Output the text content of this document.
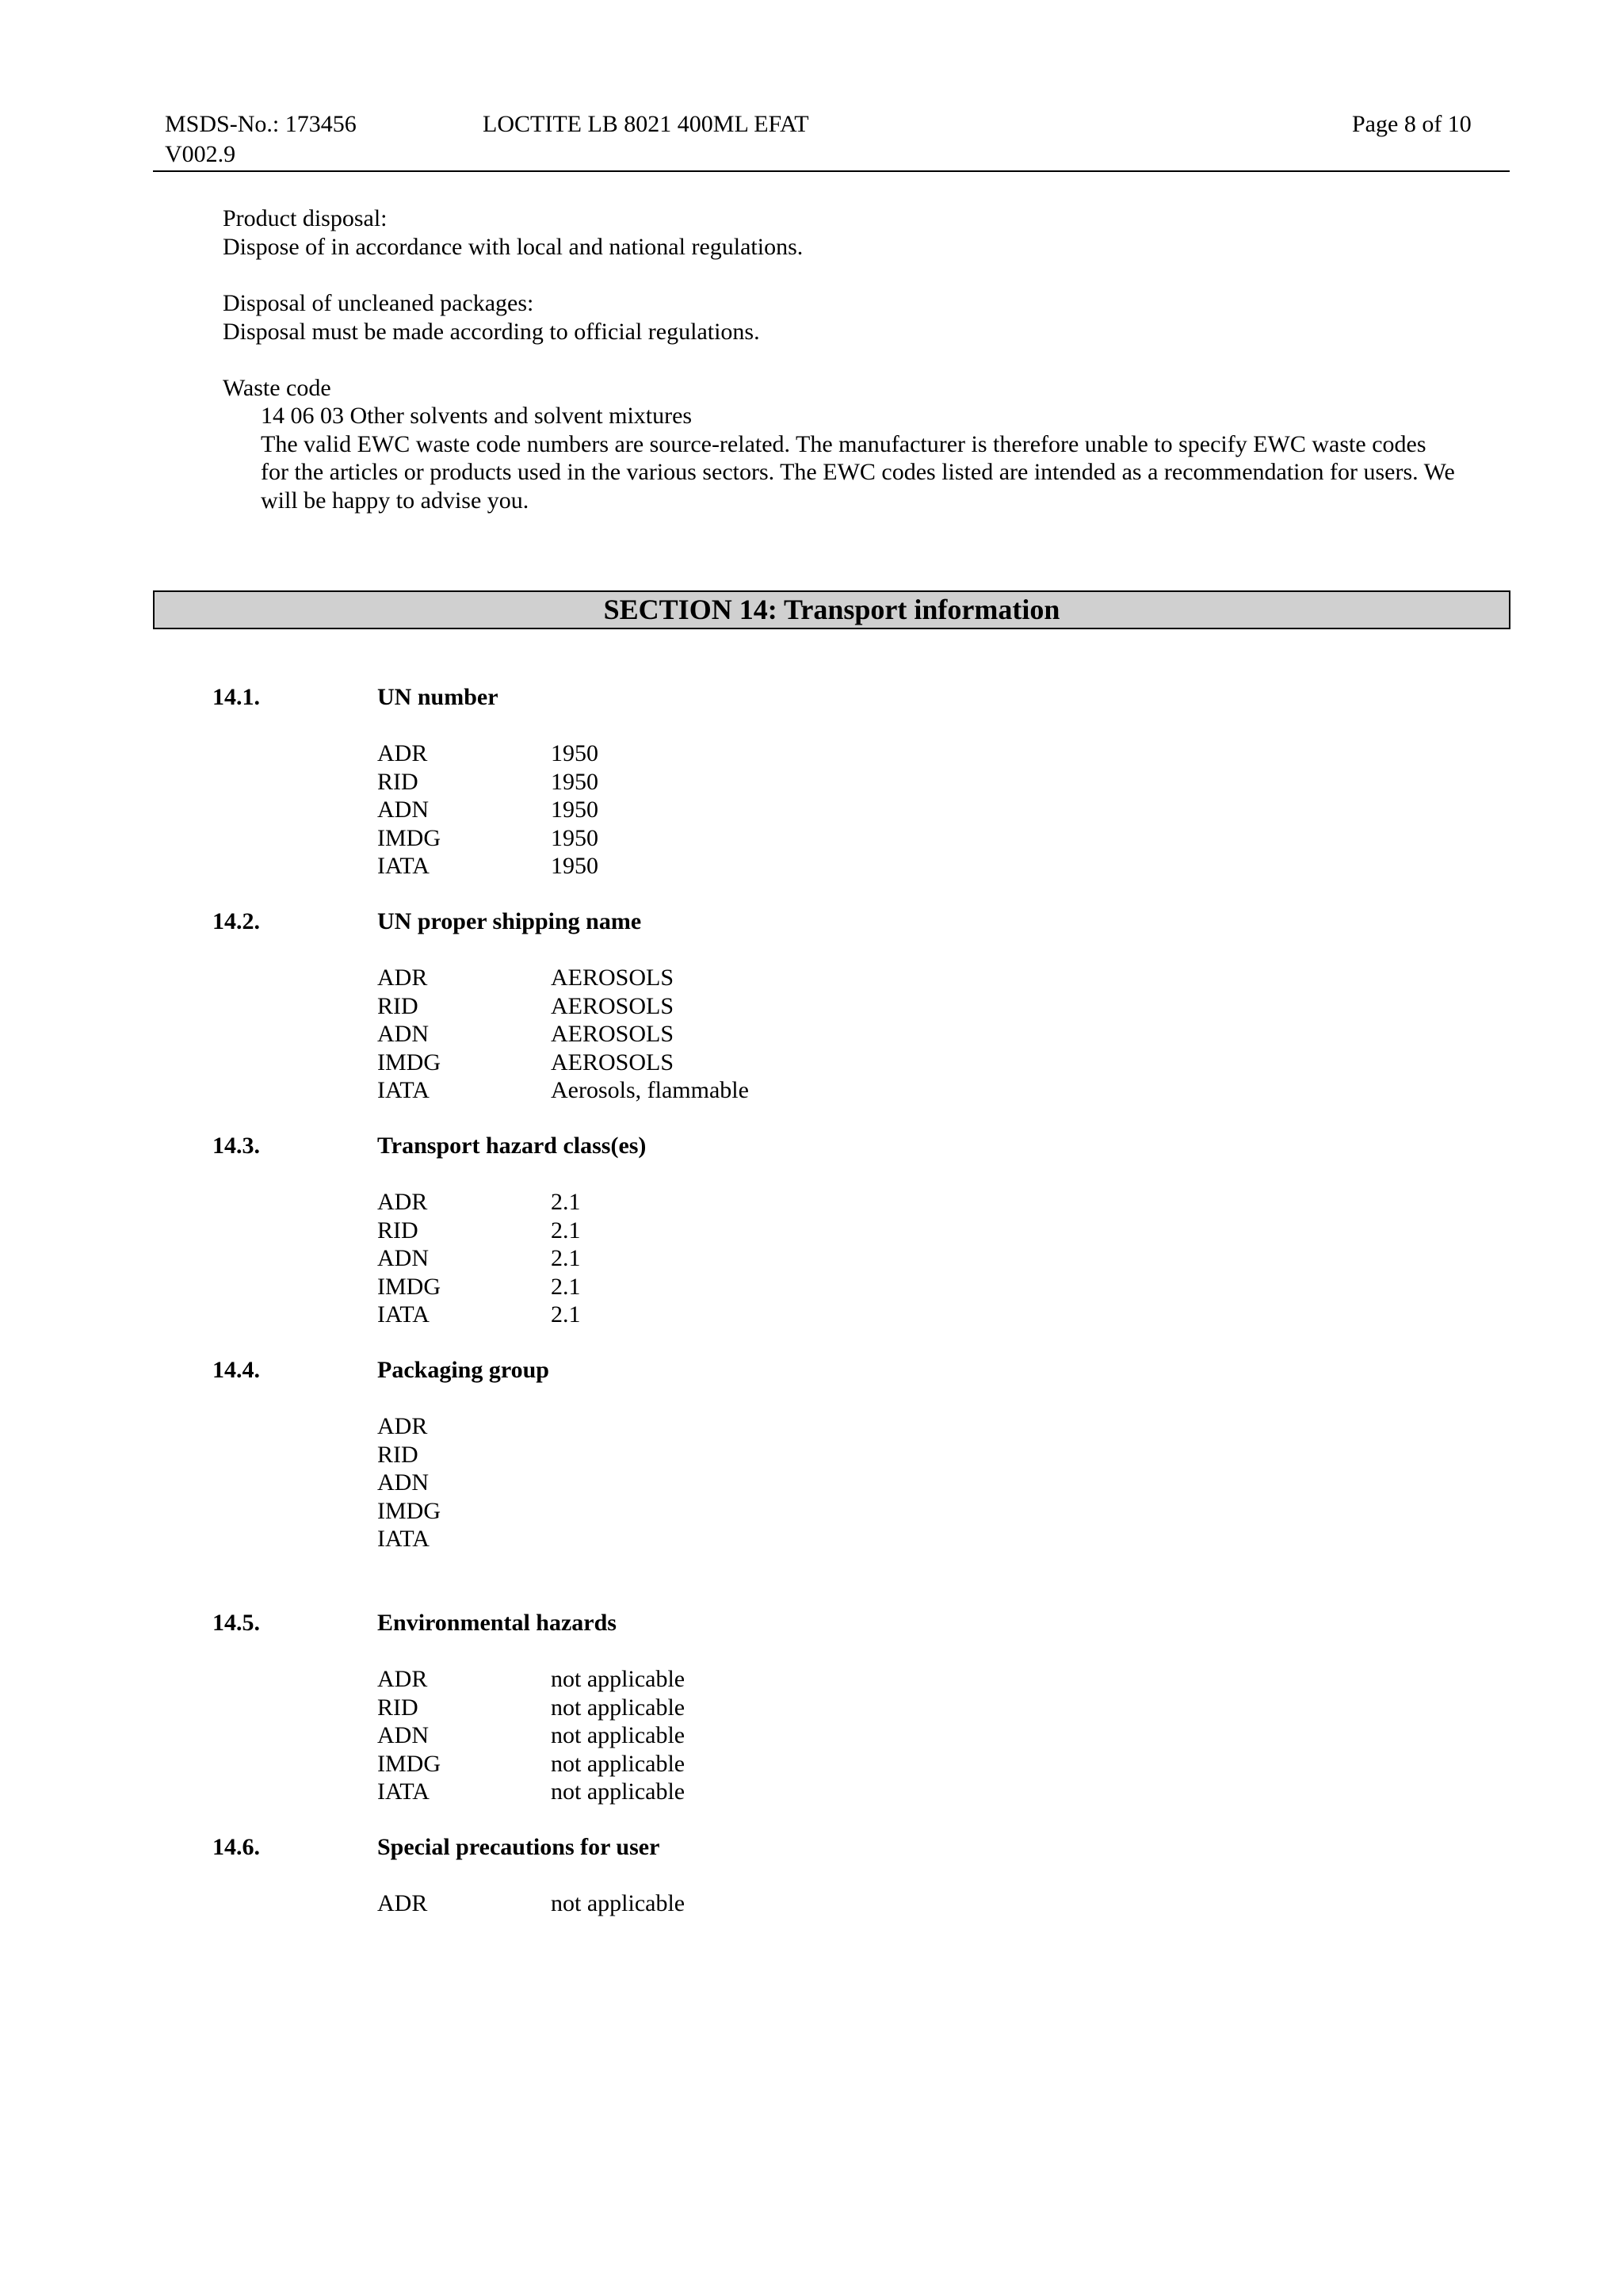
MSDS-No.: 173456
V002.9
LOCTITE LB 8021 400ML EFAT	Page 8 of 10
Product disposal:
Dispose of in accordance with local and national regulations.
Disposal of uncleaned packages:
Disposal must be made according to official regulations.
Waste code
14 06 03 Other solvents and solvent mixtures
The valid EWC waste code numbers are source-related. The manufacturer is therefore unable to specify EWC waste codes
for the articles or products used in the various sectors. The EWC codes listed are intended as a recommendation for users. We
will be happy to advise you.
SECTION 14: Transport information
14.1.	UN number
ADR	1950
RID	1950
ADN	1950
IMDG	1950
IATA	1950
14.2.	UN proper shipping name
ADR	AEROSOLS
RID	AEROSOLS
ADN	AEROSOLS
IMDG	AEROSOLS
IATA	Aerosols, flammable
14.3.	Transport hazard class(es)
ADR	2.1
RID	2.1
ADN	2.1
IMDG	2.1
IATA	2.1
14.4.	Packaging group
ADR
RID
ADN
IMDG
IATA
14.5.	Environmental hazards
ADR	not applicable
RID	not applicable
ADN	not applicable
IMDG	not applicable
IATA	not applicable
14.6.	Special precautions for user
ADR	not applicable
